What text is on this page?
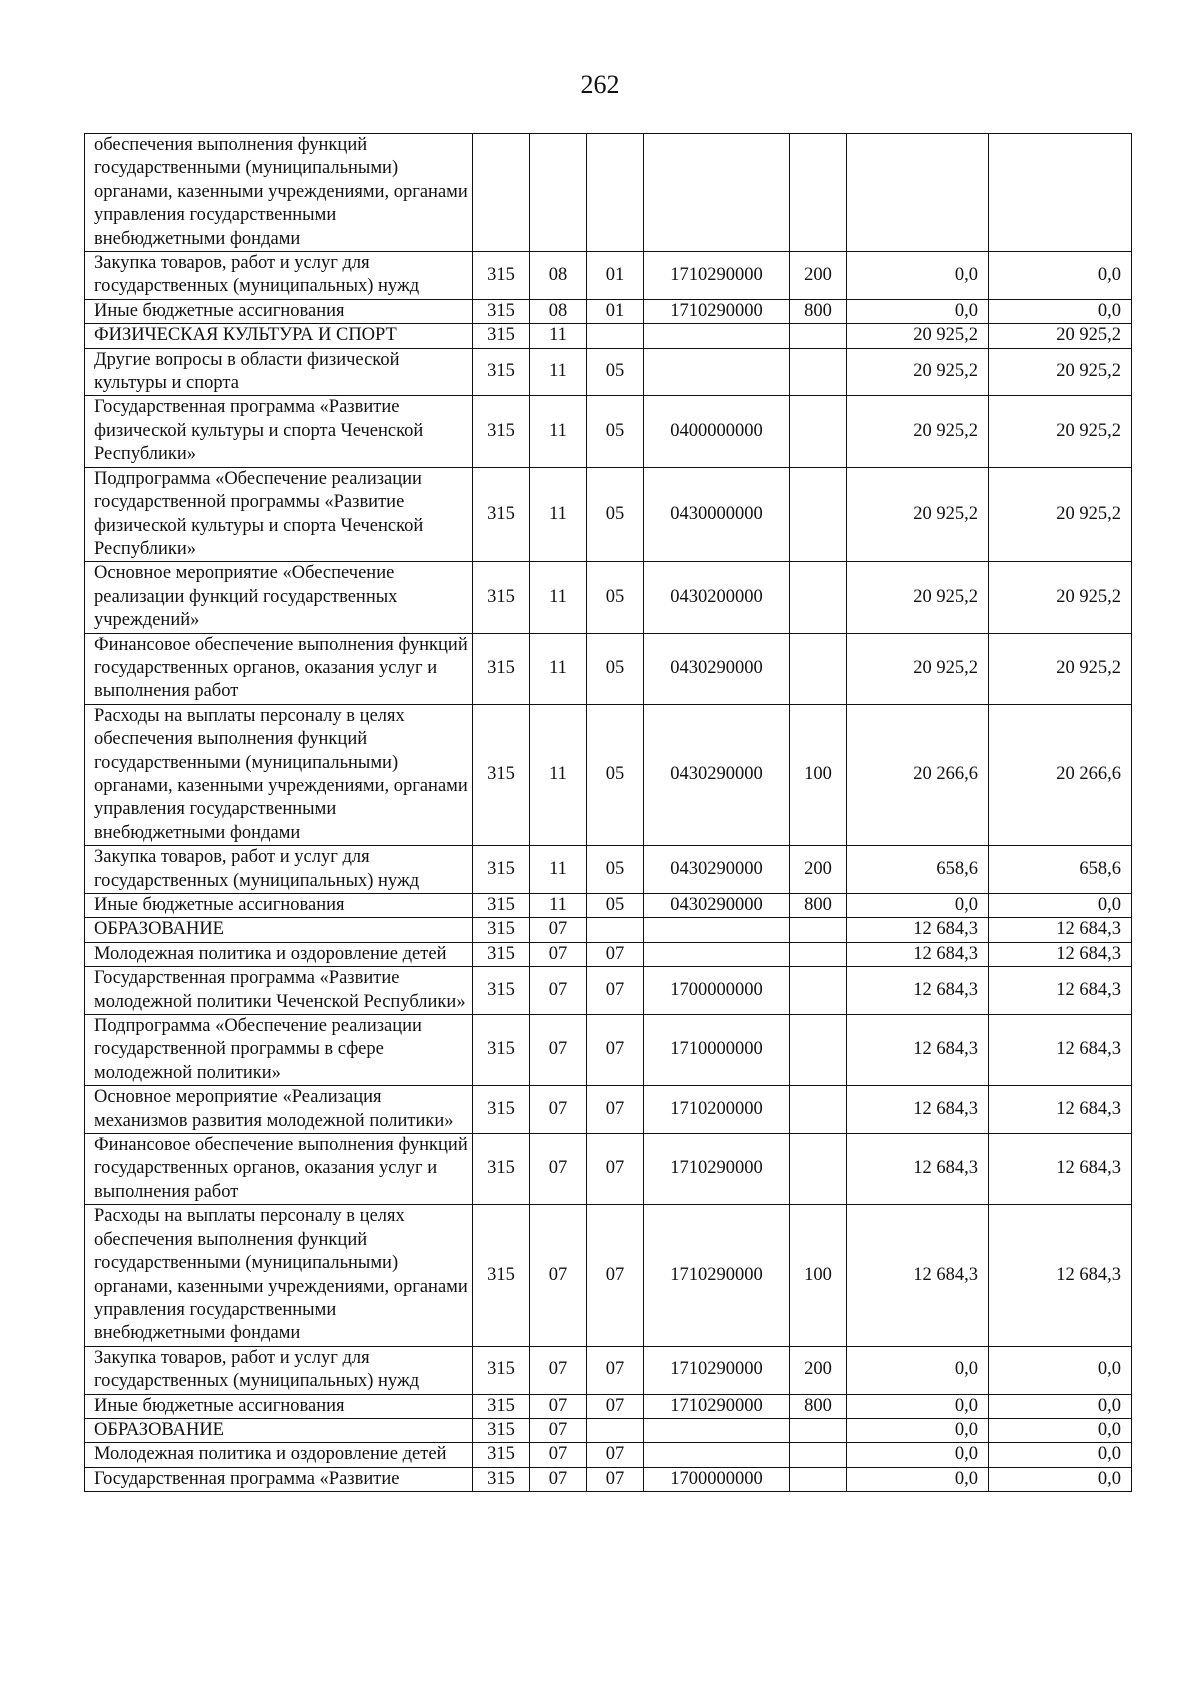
262
обеспечения выполнения функций государственными (муниципальными) органами, казенными учреждениями, органами управления государственными внебюджетными фондами							
Закупка товаров, работ и услуг для государственных (муниципальных) нужд	315	08	01	1710290000	200	0,0	0,0
Иные бюджетные ассигнования	315	08	01	1710290000	800	0,0	0,0
ФИЗИЧЕСКАЯ КУЛЬТУРА И СПОРТ	315	11				20 925,2	20 925,2
Другие вопросы в области физической культуры и спорта	315	11	05			20 925,2	20 925,2
Государственная программа «Развитие физической культуры и спорта Чеченской Республики»	315	11	05	0400000000		20 925,2	20 925,2
Подпрограмма «Обеспечение реализации государственной программы «Развитие физической культуры и спорта Чеченской Республики»	315	11	05	0430000000		20 925,2	20 925,2
Основное мероприятие «Обеспечение реализации функций государственных учреждений»	315	11	05	0430200000		20 925,2	20 925,2
Финансовое обеспечение выполнения функций государственных органов, оказания услуг и выполнения работ	315	11	05	0430290000		20 925,2	20 925,2
Расходы на выплаты персоналу в целях обеспечения выполнения функций государственными (муниципальными) органами, казенными учреждениями, органами управления государственными внебюджетными фондами	315	11	05	0430290000	100	20 266,6	20 266,6
Закупка товаров, работ и услуг для государственных (муниципальных) нужд	315	11	05	0430290000	200	658,6	658,6
Иные бюджетные ассигнования	315	11	05	0430290000	800	0,0	0,0
ОБРАЗОВАНИЕ	315	07				12 684,3	12 684,3
Молодежная политика и оздоровление детей	315	07	07			12 684,3	12 684,3
Государственная программа «Развитие молодежной политики Чеченской Республики»	315	07	07	1700000000		12 684,3	12 684,3
Подпрограмма «Обеспечение реализации государственной программы в сфере молодежной политики»	315	07	07	1710000000		12 684,3	12 684,3
Основное мероприятие «Реализация механизмов развития молодежной политики»	315	07	07	1710200000		12 684,3	12 684,3
Финансовое обеспечение выполнения функций государственных органов, оказания услуг и выполнения работ	315	07	07	1710290000		12 684,3	12 684,3
Расходы на выплаты персоналу в целях обеспечения выполнения функций государственными (муниципальными) органами, казенными учреждениями, органами управления государственными внебюджетными фондами	315	07	07	1710290000	100	12 684,3	12 684,3
Закупка товаров, работ и услуг для государственных (муниципальных) нужд	315	07	07	1710290000	200	0,0	0,0
Иные бюджетные ассигнования	315	07	07	1710290000	800	0,0	0,0
ОБРАЗОВАНИЕ	315	07				0,0	0,0
Молодежная политика и оздоровление детей	315	07	07			0,0	0,0
Государственная программа «Развитие	315	07	07	1700000000		0,0	0,0
